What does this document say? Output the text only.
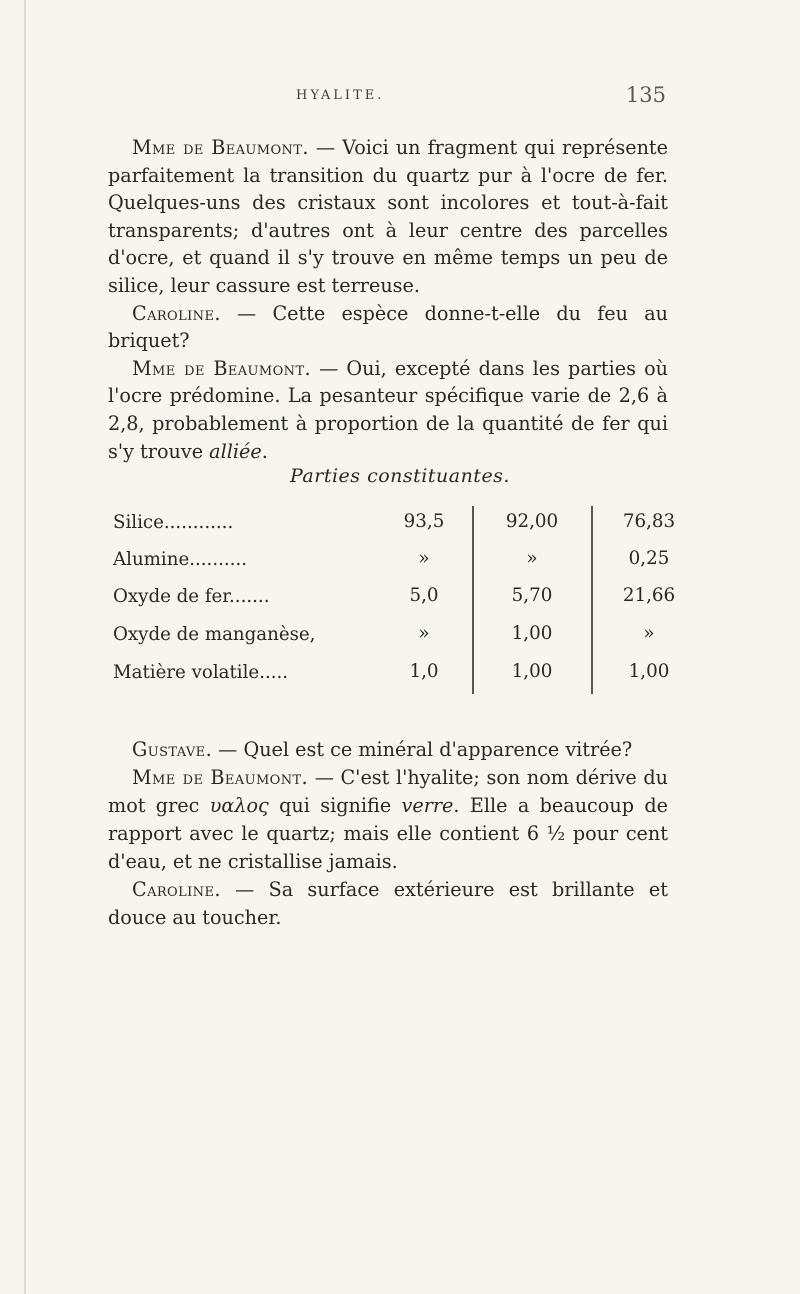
HYALITE.	135

Mme de Beaumont. — Voici un fragment qui représente parfaitement la transition du quartz pur à l'ocre de fer. Quelques-uns des cristaux sont incolores et tout-à-fait transparents; d'autres ont à leur centre des parcelles d'ocre, et quand il s'y trouve en même temps un peu de silice, leur cassure est terreuse.

Caroline. — Cette espèce donne-t-elle du feu au briquet?

Mme de Beaumont. — Oui, excepté dans les parties où l'ocre prédomine. La pesanteur spécifique varie de 2,6 à 2,8, probablement à proportion de la quantité de fer qui s'y trouve alliée.

Parties constituantes.
Silice............	93,5	92,00	76,83
Alumine..........	»	»	0,25
Oxyde de fer.......	5,0	5,70	21,66
Oxyde de manganèse,	»	1,00	»
Matière volatile.....	1,0	1,00	1,00

Gustave. — Quel est ce minéral d'apparence vitrée?

Mme de Beaumont. — C'est l'hyalite; son nom dérive du mot grec υαλος qui signifie verre. Elle a beaucoup de rapport avec le quartz; mais elle contient 6 ½ pour cent d'eau, et ne cristallise jamais.

Caroline. — Sa surface extérieure est brillante et douce au toucher.
